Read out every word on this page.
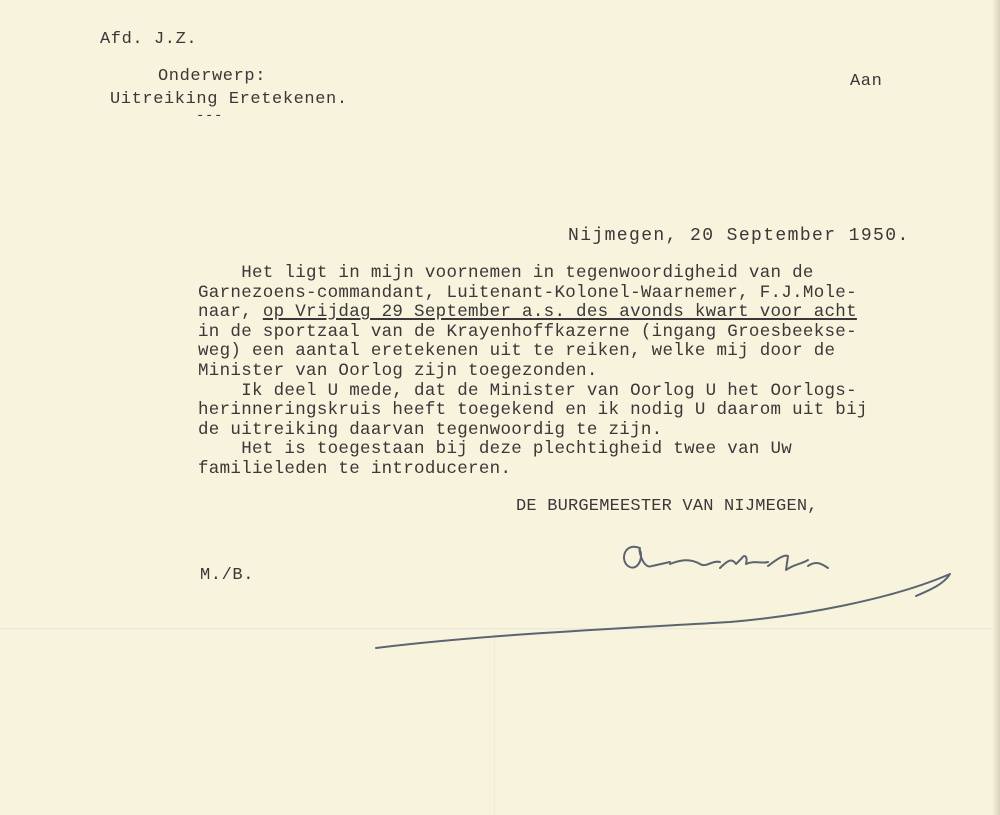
Afd. J.Z.
Onderwerp:
Uitreiking Eretekenen.
---
Aan
Nijmegen, 20 September 1950.

Het ligt in mijn voornemen in tegenwoordigheid van de

Garnezoens-commandant, Luitenant-Kolonel-Waarnemer, F.J.Mole-

naar, op Vrijdag 29 September a.s. des avonds kwart voor acht

in de sportzaal van de Krayenhoffkazerne (ingang Groesbeekse-

weg) een aantal eretekenen uit te reiken, welke mij door de

Minister van Oorlog zijn toegezonden.

Ik deel U mede, dat de Minister van Oorlog U het Oorlogs-

herinneringskruis heeft toegekend en ik nodig U daarom uit bij

de uitreiking daarvan tegenwoordig te zijn.

Het is toegestaan bij deze plechtigheid twee van Uw

familieleden te introduceren.

DE BURGEMEESTER VAN NIJMEGEN,
M./B.
